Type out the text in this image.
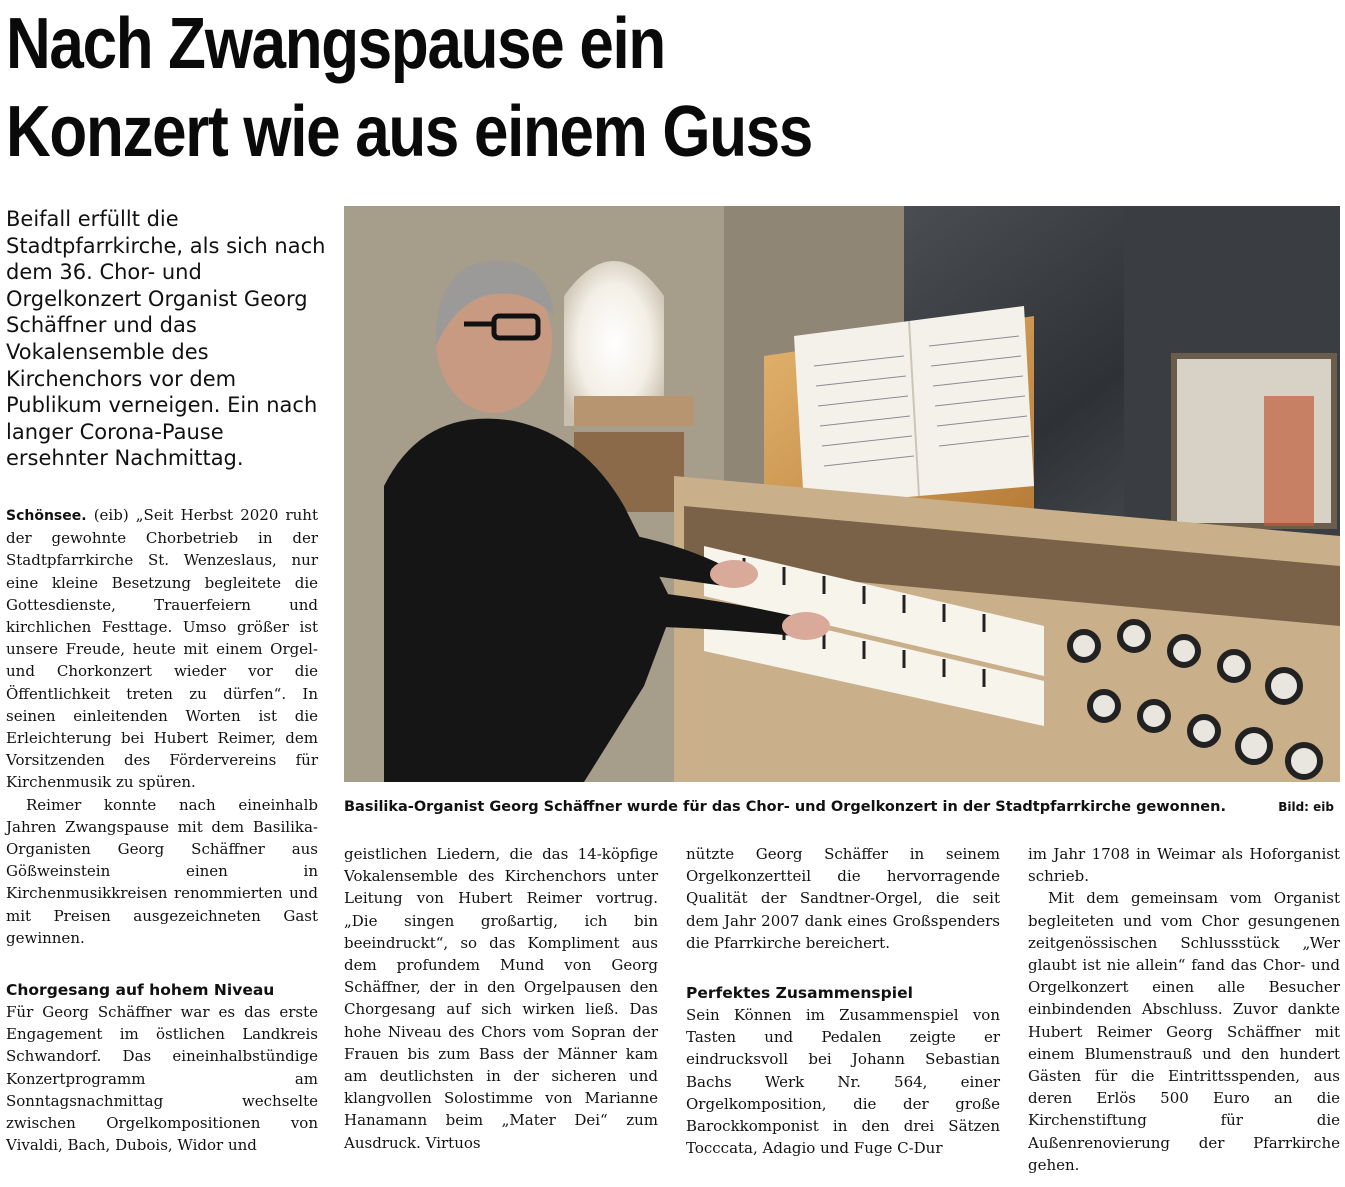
Nach Zwangspause ein
Konzert wie aus einem Guss

Beifall erfüllt die Stadtpfarrkirche, als sich nach dem 36. Chor- und Orgelkonzert Organist Georg Schäffner und das Vokalensemble des Kirchenchors vor dem Publikum verneigen. Ein nach langer Corona-Pause ersehnter Nachmittag.

Basilika-Organist Georg Schäffner wurde für das Chor- und Orgelkonzert in der Stadtpfarrkirche gewonnen.	Bild: eib

Schönsee. (eib) „Seit Herbst 2020 ruht der gewohnte Chorbetrieb in der Stadtpfarrkirche St. Wenzeslaus, nur eine kleine Besetzung begleitete die Gottesdienste, Trauerfeiern und kirchlichen Festtage. Umso größer ist unsere Freude, heute mit einem Orgel- und Chorkonzert wieder vor die Öffentlichkeit treten zu dürfen“. In seinen einleitenden Worten ist die Erleichterung bei Hubert Reimer, dem Vorsitzenden des Fördervereins für Kirchenmusik zu spüren.

Reimer konnte nach eineinhalb Jahren Zwangspause mit dem Basilika-Organisten Georg Schäffner aus Gößweinstein einen in Kirchenmusikkreisen renommierten und mit Preisen ausgezeichneten Gast gewinnen.

Chorgesang auf hohem Niveau

Für Georg Schäffner war es das erste Engagement im östlichen Landkreis Schwandorf. Das eineinhalbstündige Konzertprogramm am Sonntagsnachmittag wechselte zwischen Orgelkompositionen von Vivaldi, Bach, Dubois, Widor und

geistlichen Liedern, die das 14-köpfige Vokalensemble des Kirchenchors unter Leitung von Hubert Reimer vortrug. „Die singen großartig, ich bin beeindruckt“, so das Kompliment aus dem profundem Mund von Georg Schäffner, der in den Orgelpausen den Chorgesang auf sich wirken ließ. Das hohe Niveau des Chors vom Sopran der Frauen bis zum Bass der Männer kam am deutlichsten in der sicheren und klangvollen Solostimme von Marianne Hanamann beim „Mater Dei“ zum Ausdruck. Virtuos

nützte Georg Schäffer in seinem Orgelkonzertteil die hervorragende Qualität der Sandtner-Orgel, die seit dem Jahr 2007 dank eines Großspenders die Pfarrkirche bereichert.

Perfektes Zusammenspiel

Sein Können im Zusammenspiel von Tasten und Pedalen zeigte er eindrucksvoll bei Johann Sebastian Bachs Werk Nr. 564, einer Orgelkomposition, die der große Barockkomponist in den drei Sätzen Tocccata, Adagio und Fuge C-Dur

im Jahr 1708 in Weimar als Hoforganist schrieb.

Mit dem gemeinsam vom Organist begleiteten und vom Chor gesungenen zeitgenössischen Schlussstück „Wer glaubt ist nie allein“ fand das Chor- und Orgelkonzert einen alle Besucher einbindenden Abschluss. Zuvor dankte Hubert Reimer Georg Schäffner mit einem Blumenstrauß und den hundert Gästen für die Eintrittsspenden, aus deren Erlös 500 Euro an die Kirchenstiftung für die Außenrenovierung der Pfarrkirche gehen.
